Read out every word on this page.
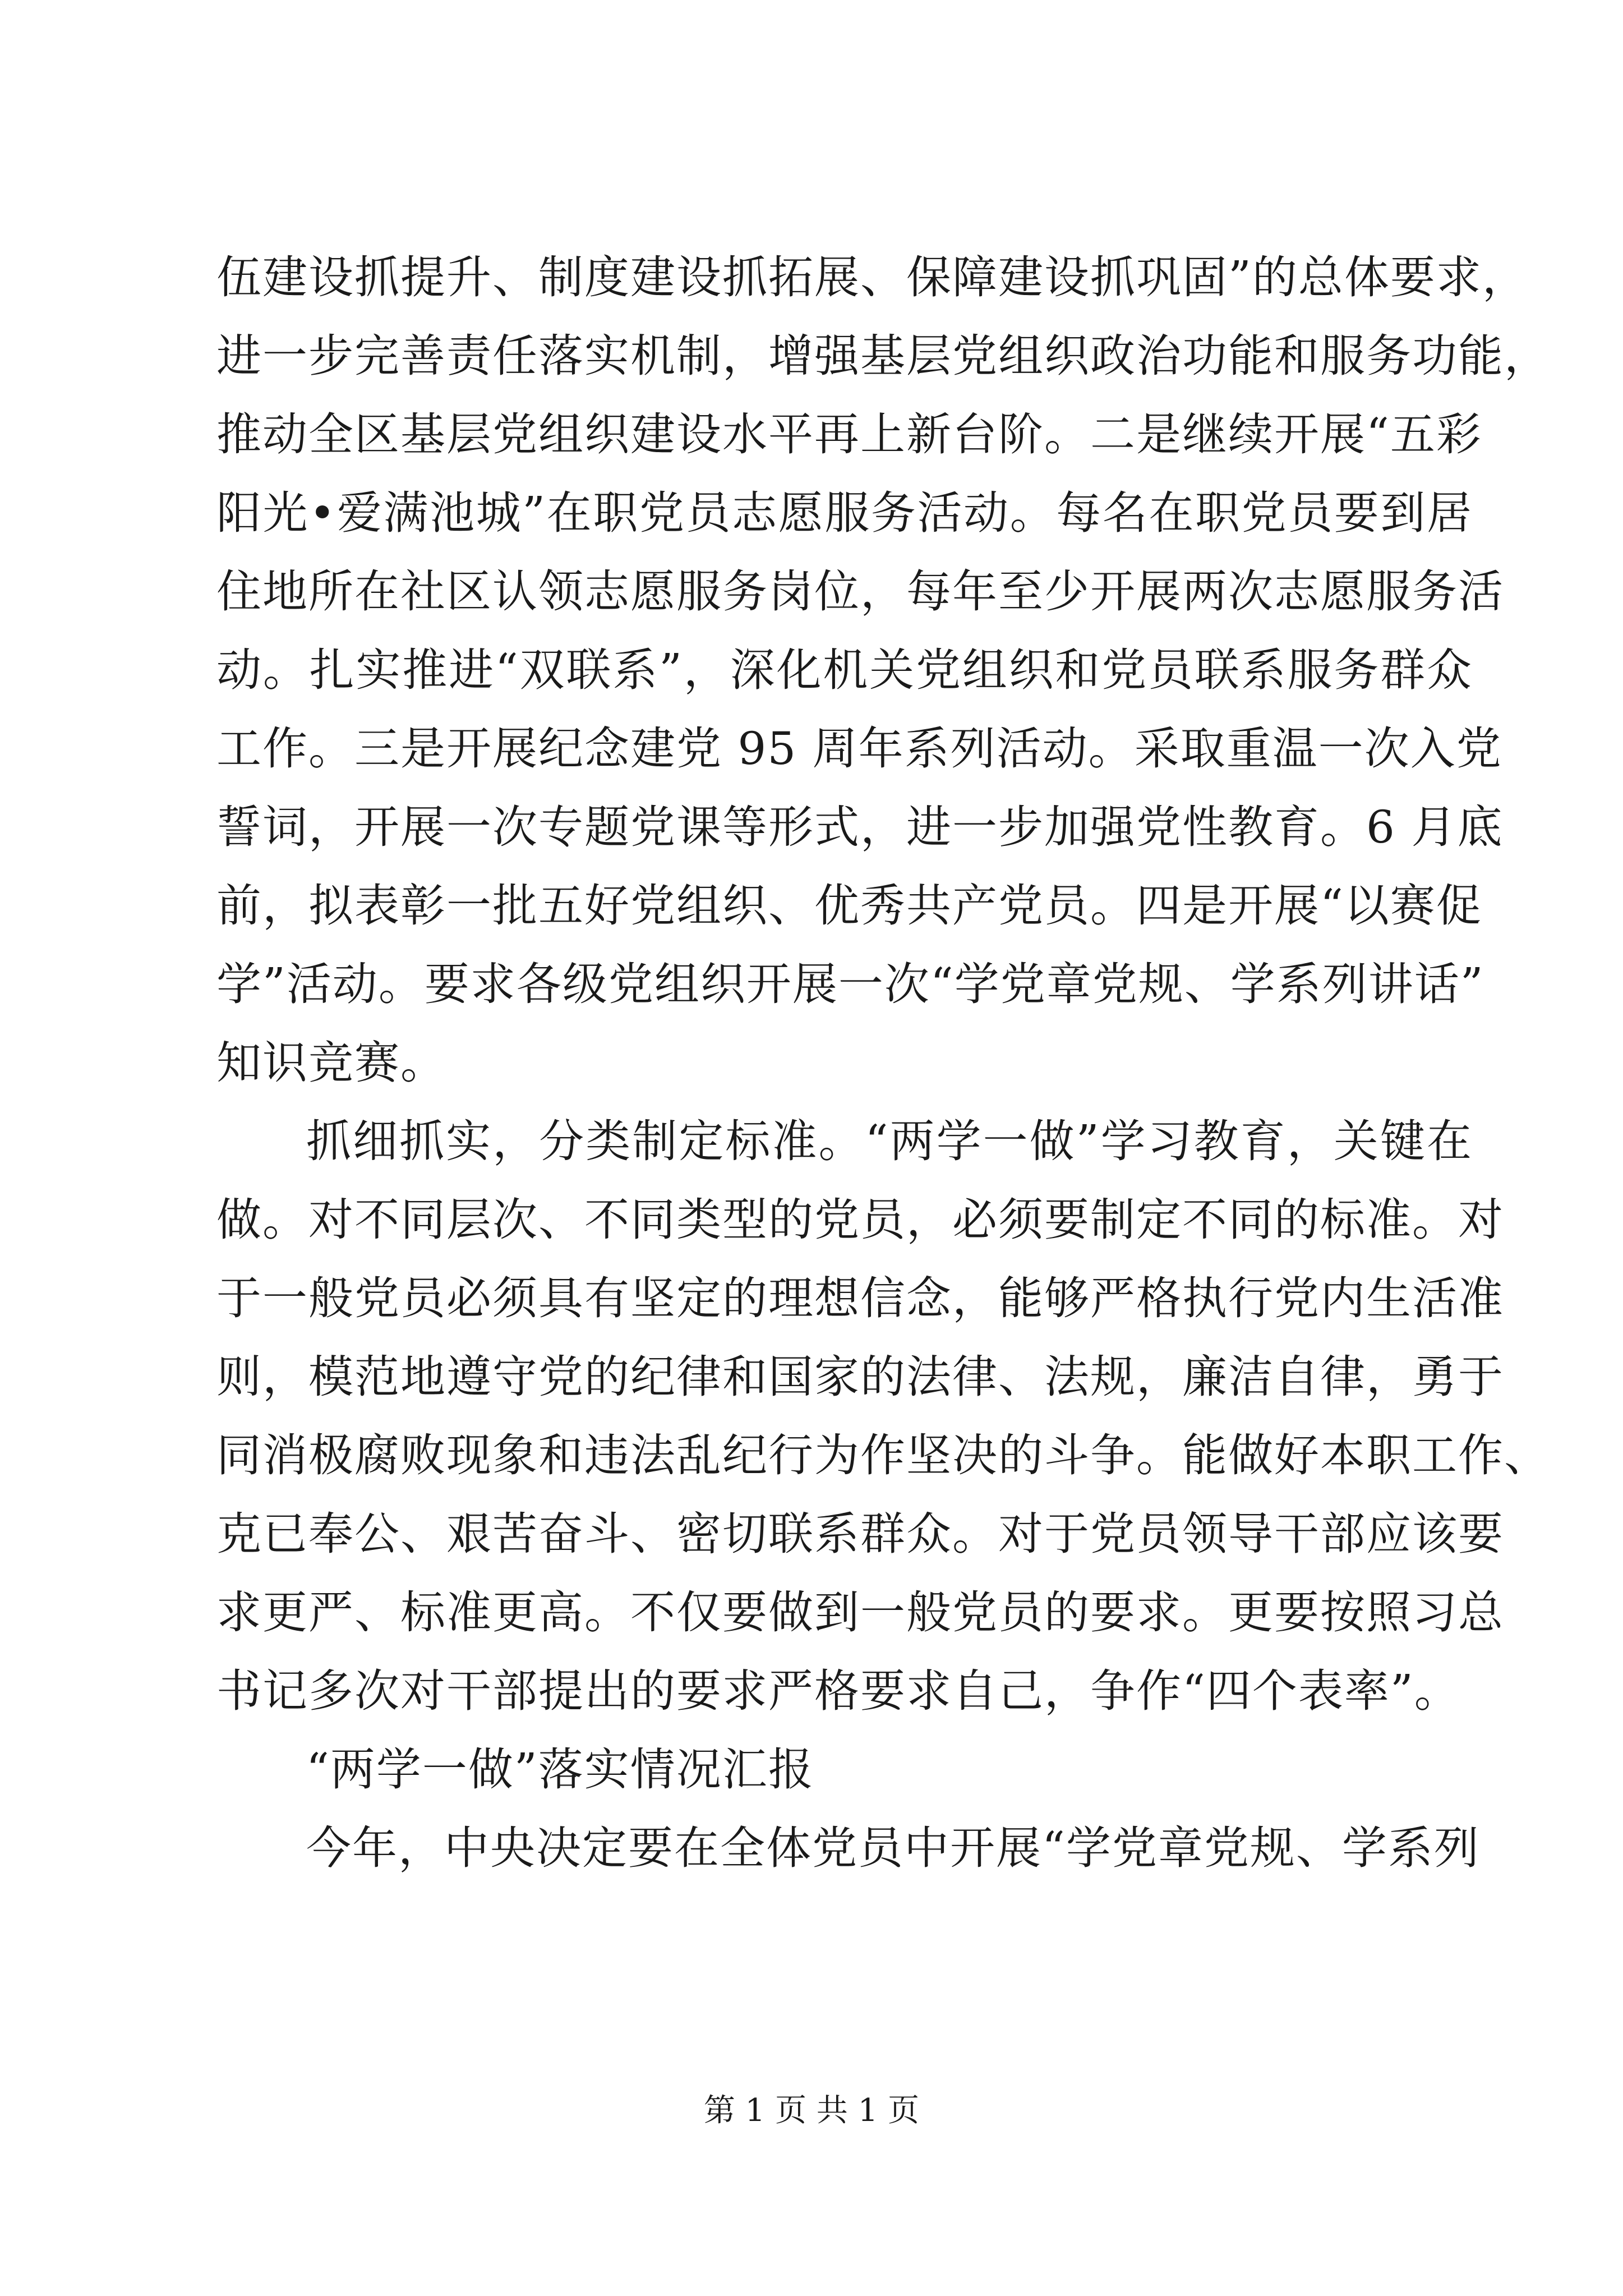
伍建设抓提升、制度建设抓拓展、保障建设抓巩固”的总体要求，
进一步完善责任落实机制，增强基层党组织政治功能和服务功能，
推动全区基层党组织建设水平再上新台阶。二是继续开展“五彩
阳光•爱满池城”在职党员志愿服务活动。每名在职党员要到居
住地所在社区认领志愿服务岗位，每年至少开展两次志愿服务活
动。扎实推进“双联系”，深化机关党组织和党员联系服务群众
工作。三是开展纪念建党 95 周年系列活动。采取重温一次入党
誓词，开展一次专题党课等形式，进一步加强党性教育。6 月底
前，拟表彰一批五好党组织、优秀共产党员。四是开展“以赛促
学”活动。要求各级党组织开展一次“学党章党规、学系列讲话”
知识竞赛。
抓细抓实，分类制定标准。“两学一做”学习教育，关键在
做。对不同层次、不同类型的党员，必须要制定不同的标准。对
于一般党员必须具有坚定的理想信念，能够严格执行党内生活准
则，模范地遵守党的纪律和国家的法律、法规，廉洁自律，勇于
同消极腐败现象和违法乱纪行为作坚决的斗争。能做好本职工作、
克已奉公、艰苦奋斗、密切联系群众。对于党员领导干部应该要
求更严、标准更高。不仅要做到一般党员的要求。更要按照习总
书记多次对干部提出的要求严格要求自己，争作“四个表率”。
“两学一做”落实情况汇报
今年，中央决定要在全体党员中开展“学党章党规、学系列
第 1 页 共 1 页
